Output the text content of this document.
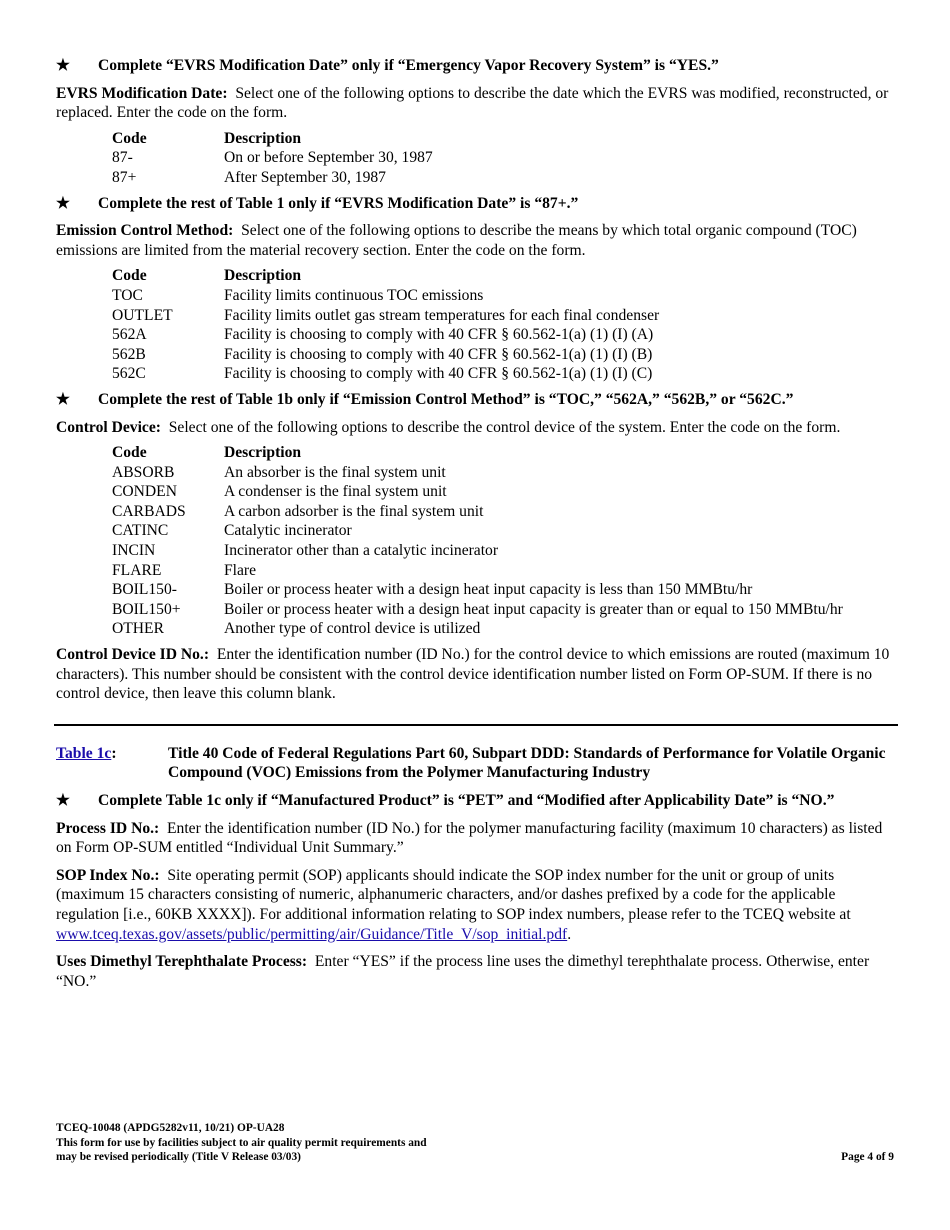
★	Complete “EVRS Modification Date” only if “Emergency Vapor Recovery System” is “YES.”

EVRS Modification Date: Select one of the following options to describe the date which the EVRS was modified, reconstructed, or replaced. Enter the code on the form.

Code	Description
87-	On or before September 30, 1987
87+	After September 30, 1987
★	Complete the rest of Table 1 only if “EVRS Modification Date” is “87+.”

Emission Control Method: Select one of the following options to describe the means by which total organic compound (TOC) emissions are limited from the material recovery section. Enter the code on the form.

Code	Description
TOC	Facility limits continuous TOC emissions
OUTLET	Facility limits outlet gas stream temperatures for each final condenser
562A	Facility is choosing to comply with 40 CFR § 60.562-1(a) (1) (I) (A)
562B	Facility is choosing to comply with 40 CFR § 60.562-1(a) (1) (I) (B)
562C	Facility is choosing to comply with 40 CFR § 60.562-1(a) (1) (I) (C)
★	Complete the rest of Table 1b only if “Emission Control Method” is “TOC,” “562A,” “562B,” or “562C.”

Control Device: Select one of the following options to describe the control device of the system. Enter the code on the form.

Code	Description
ABSORB	An absorber is the final system unit
CONDEN	A condenser is the final system unit
CARBADS	A carbon adsorber is the final system unit
CATINC	Catalytic incinerator
INCIN	Incinerator other than a catalytic incinerator
FLARE	Flare
BOIL150-	Boiler or process heater with a design heat input capacity is less than 150 MMBtu/hr
BOIL150+	Boiler or process heater with a design heat input capacity is greater than or equal to 150 MMBtu/hr
OTHER	Another type of control device is utilized

Control Device ID No.: Enter the identification number (ID No.) for the control device to which emissions are routed (maximum 10 characters). This number should be consistent with the control device identification number listed on Form OP-SUM. If there is no control device, then leave this column blank.

Table 1c:	Title 40 Code of Federal Regulations Part 60, Subpart DDD: Standards of Performance for Volatile Organic Compound (VOC) Emissions from the Polymer Manufacturing Industry
★	Complete Table 1c only if “Manufactured Product” is “PET” and “Modified after Applicability Date” is “NO.”

Process ID No.: Enter the identification number (ID No.) for the polymer manufacturing facility (maximum 10 characters) as listed on Form OP-SUM entitled “Individual Unit Summary.”

SOP Index No.: Site operating permit (SOP) applicants should indicate the SOP index number for the unit or group of units (maximum 15 characters consisting of numeric, alphanumeric characters, and/or dashes prefixed by a code for the applicable regulation [i.e., 60KB XXXX]). For additional information relating to SOP index numbers, please refer to the TCEQ website at www.tceq.texas.gov/assets/public/permitting/air/Guidance/Title_V/sop_initial.pdf.

Uses Dimethyl Terephthalate Process: Enter “YES” if the process line uses the dimethyl terephthalate process. Otherwise, enter “NO.”

TCEQ-10048 (APDG5282v11, 10/21) OP-UA28
This form for use by facilities subject to air quality permit requirements and
may be revised periodically (Title V Release 03/03)	Page 4 of 9
